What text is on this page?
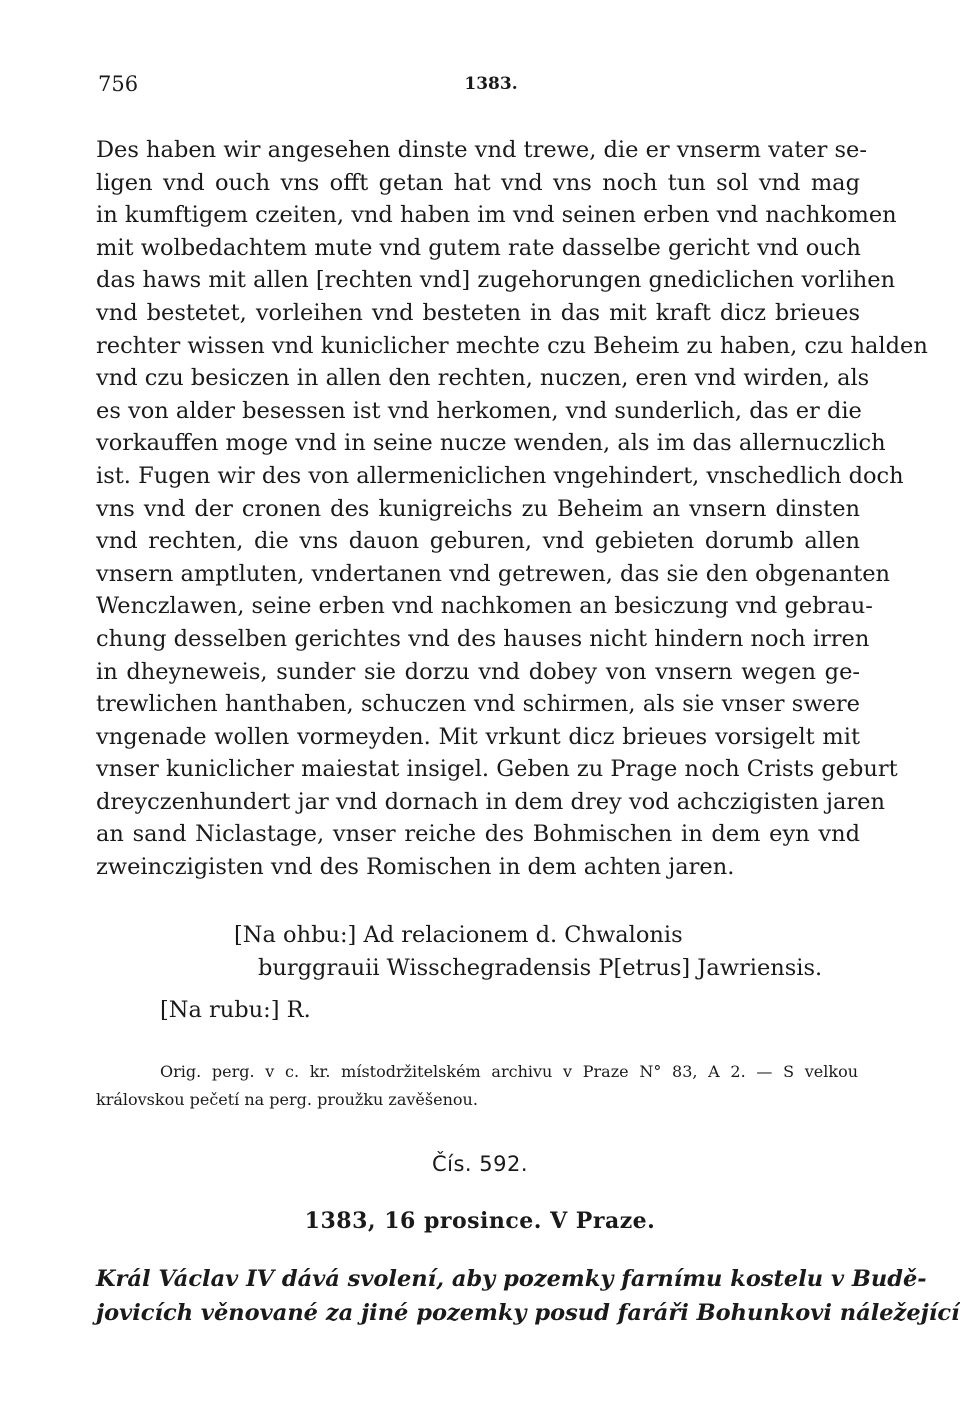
756	1383.
Des haben wir angesehen dinste vnd trewe, die er vnserm vater se-
ligen vnd ouch vns offt getan hat vnd vns noch tun sol vnd mag
in kumftigem czeiten, vnd haben im vnd seinen erben vnd nachkomen
mit wolbedachtem mute vnd gutem rate dasselbe gericht vnd ouch
das haws mit allen [rechten vnd] zugehorungen gnediclichen vorlihen
vnd bestetet, vorleihen vnd besteten in das mit kraft dicz brieues
rechter wissen vnd kuniclicher mechte czu Beheim zu haben, czu halden
vnd czu besiczen in allen den rechten, nuczen, eren vnd wirden, als
es von alder besessen ist vnd herkomen, vnd sunderlich, das er die
vorkauffen moge vnd in seine nucze wenden, als im das allernuczlich
ist. Fugen wir des von allermeniclichen vngehindert, vnschedlich doch
vns vnd der cronen des kunigreichs zu Beheim an vnsern dinsten
vnd rechten, die vns dauon geburen, vnd gebieten dorumb allen
vnsern amptluten, vndertanen vnd getrewen, das sie den obgenanten
Wenczlawen, seine erben vnd nachkomen an besiczung vnd gebrau-
chung desselben gerichtes vnd des hauses nicht hindern noch irren
in dheyneweis, sunder sie dorzu vnd dobey von vnsern wegen ge-
trewlichen hanthaben, schuczen vnd schirmen, als sie vnser swere
vngenade wollen vormeyden. Mit vrkunt dicz brieues vorsigelt mit
vnser kuniclicher maiestat insigel. Geben zu Prage noch Crists geburt
dreyczenhundert jar vnd dornach in dem drey vod achczigisten jaren
an sand Niclastage, vnser reiche des Bohmischen in dem eyn vnd
zweinczigisten vnd des Romischen in dem achten jaren.
[Na ohbu:] Ad relacionem d. Chwalonis
burggrauii Wisschegradensis P[etrus] Jawriensis.
[Na rubu:] R.
Orig. perg. v c. kr. místodržitelském archivu v Praze N° 83, A 2. — S velkou
královskou pečetí na perg. proužku zavěšenou.
Čís. 592.
1383, 16 prosince. V Praze.
Král Václav IV dává svolení, aby pozemky farnímu kostelu v Budě-
jovicích věnované za jiné pozemky posud faráři Bohunkovi náležející
